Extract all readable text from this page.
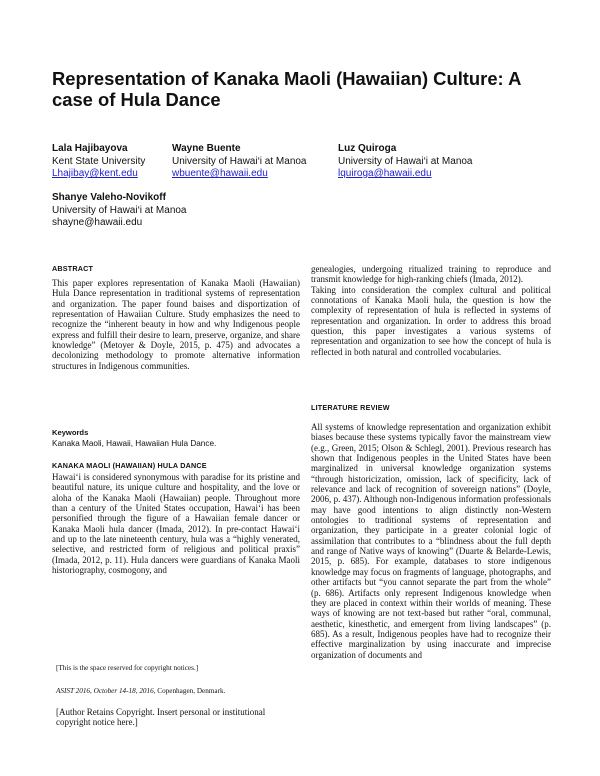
Representation of Kanaka Maoli (Hawaiian) Culture: A case of Hula Dance
Lala Hajibayova
Kent State University
Lhajibay@kent.edu
Wayne Buente
University of Hawai‘i at Manoa
wbuente@hawaii.edu
Luz Quiroga
University of Hawai‘i at Manoa
lquiroga@hawaii.edu
Shanye Valeho-Novikoff
University of Hawai‘i at Manoa
shayne@hawaii.edu

ABSTRACT

This paper explores representation of Kanaka Maoli (Hawaiian) Hula Dance representation in traditional systems of representation and organization. The paper found baises and disportization of representation of Hawaiian Culture. Study emphasizes the need to recognize the “inherent beauty in how and why Indigenous people express and fulfill their desire to learn, preserve, organize, and share knowledge” (Metoyer & Doyle, 2015, p. 475) and advocates a decolonizing methodology to promote alternative information structures in Indigenous communities.

Keywords

Kanaka Maoli, Hawaii, Hawaiian Hula Dance.

KANAKA MAOLI (HAWAIIAN) HULA DANCE

Hawai‘i is considered synonymous with paradise for its pristine and beautiful nature, its unique culture and hospitality, and the love or aloha of the Kanaka Maoli (Hawaiian) people. Throughout more than a century of the United States occupation, Hawai‘i has been personified through the figure of a Hawaiian female dancer or Kanaka Maoli hula dancer (Imada, 2012). In pre-contact Hawai‘i and up to the late nineteenth century, hula was a “highly venerated, selective, and restricted form of religious and political praxis” (Imada, 2012, p. 11). Hula dancers were guardians of Kanaka Maoli historiography, cosmogony, and

[This is the space reserved for copyright notices.]

ASIST 2016, October 14-18, 2016, Copenhagen, Denmark.

[Author Retains Copyright. Insert personal or institutional copyright notice here.]

genealogies, undergoing ritualized training to reproduce and transmit knowledge for high-ranking chiefs (Imada, 2012).

Taking into consideration the complex cultural and political connotations of Kanaka Maoli hula, the question is how the complexity of representation of hula is reflected in systems of representation and organization. In order to address this broad question, this paper investigates a various systems of representation and organization to see how the concept of hula is reflected in both natural and controlled vocabularies.

LITERATURE REVIEW

All systems of knowledge representation and organization exhibit biases because these systems typically favor the mainstream view (e.g., Green, 2015; Olson & Schlegl, 2001). Previous research has shown that Indigenous peoples in the United States have been marginalized in universal knowledge organization systems “through historicization, omission, lack of specificity, lack of relevance and lack of recognition of sovereign nations” (Doyle, 2006, p. 437). Although non-Indigenous information professionals may have good intentions to align distinctly non-Western ontologies to traditional systems of representation and organization, they participate in a greater colonial logic of assimilation that contributes to a “blindness about the full depth and range of Native ways of knowing” (Duarte & Belarde-Lewis, 2015, p. 685). For example, databases to store indigenous knowledge may focus on fragments of language, photographs, and other artifacts but “you cannot separate the part from the whole” (p. 686). Artifacts only represent Indigenous knowledge when they are placed in context within their worlds of meaning. These ways of knowing are not text-based but rather “oral, communal, aesthetic, kinesthetic, and emergent from living landscapes” (p. 685). As a result, Indigenous peoples have had to recognize their effective marginalization by using inaccurate and imprecise organization of documents and
